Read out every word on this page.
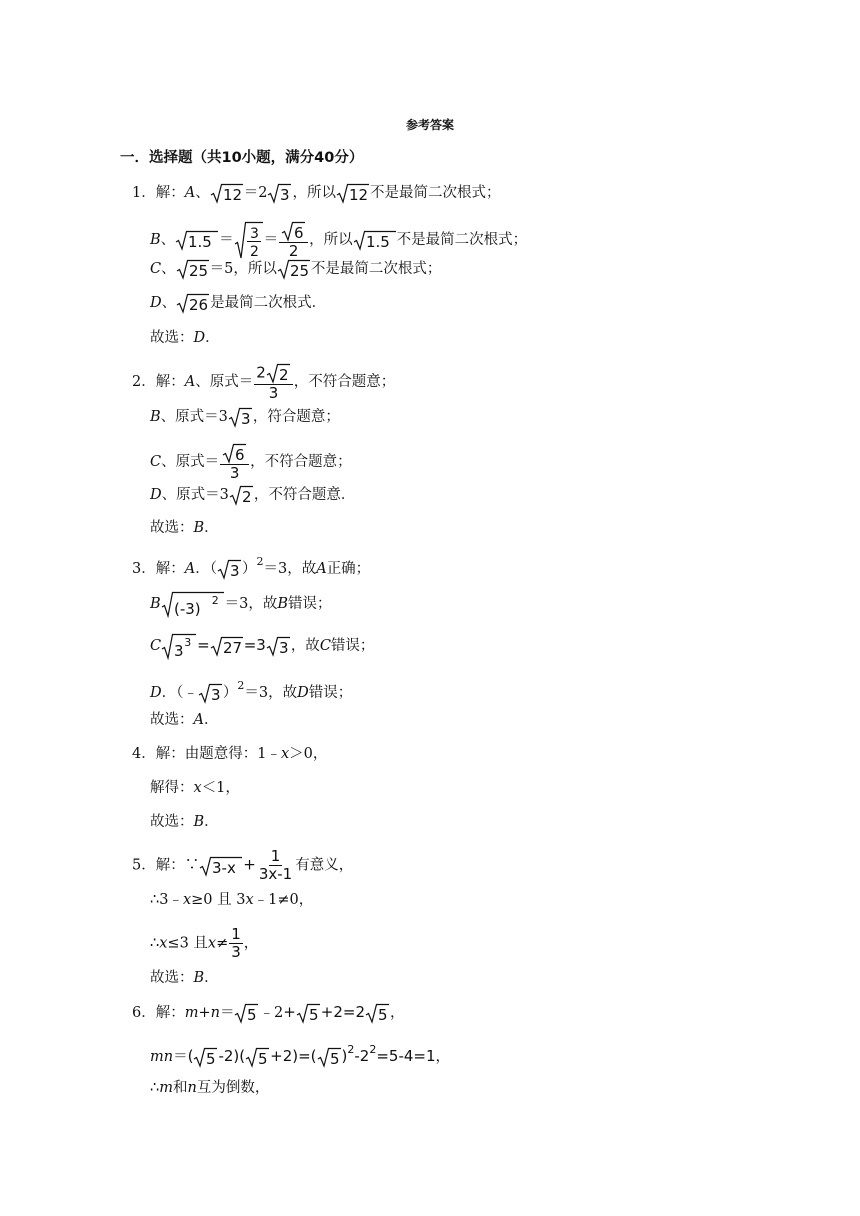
参考答案
一．选择题（共10小题，满分40分）
1．解：A、 12 ＝2 3 ，所以 12 不是最简二次根式；
B、 1.5 ＝ 3
2
＝ $\frac{6}{2}$ ，所以 1.5 不是最简二次根式；
C、 25 ＝5，所以 25 不是最简二次根式；
D、 26 是最简二次根式．
故选：D．
2．解：A、原式＝ $\frac{2 2}{3}$ ，不符合题意；
B、原式＝3 3 ，符合题意；
C、原式＝ $\frac{6}{3}$ ，不符合题意；
D、原式＝3 2 ，不符合题意．
故选：B．
3．解：A．（ 3 ）$^2$＝3，故A正确；
B (-3) 2 ＝3，故B错误；
C 3 3 = 27 =3 3 ，故C错误；
D．（﹣ 3 ）$^2$＝3，故D错误；
故选：A．
4．解：由题意得：1﹣x＞0，
解得：x＜1，
故选：B．
5．解：∵ $3-x + \frac{1}{3x-1}$ 有意义，
∴3﹣x≥0 且 3x﹣1≠0，
∴x≤3 且$x\ne \frac{1}{3}$ ，
故选：B．
6．解：m+n＝ 5 ﹣2+ 5 +2=2 5 ，
mn＝( 5 -2)( 5 +2)=( 5 )$^2-2^2=5-4=1$，
∴m和n互为倒数，
